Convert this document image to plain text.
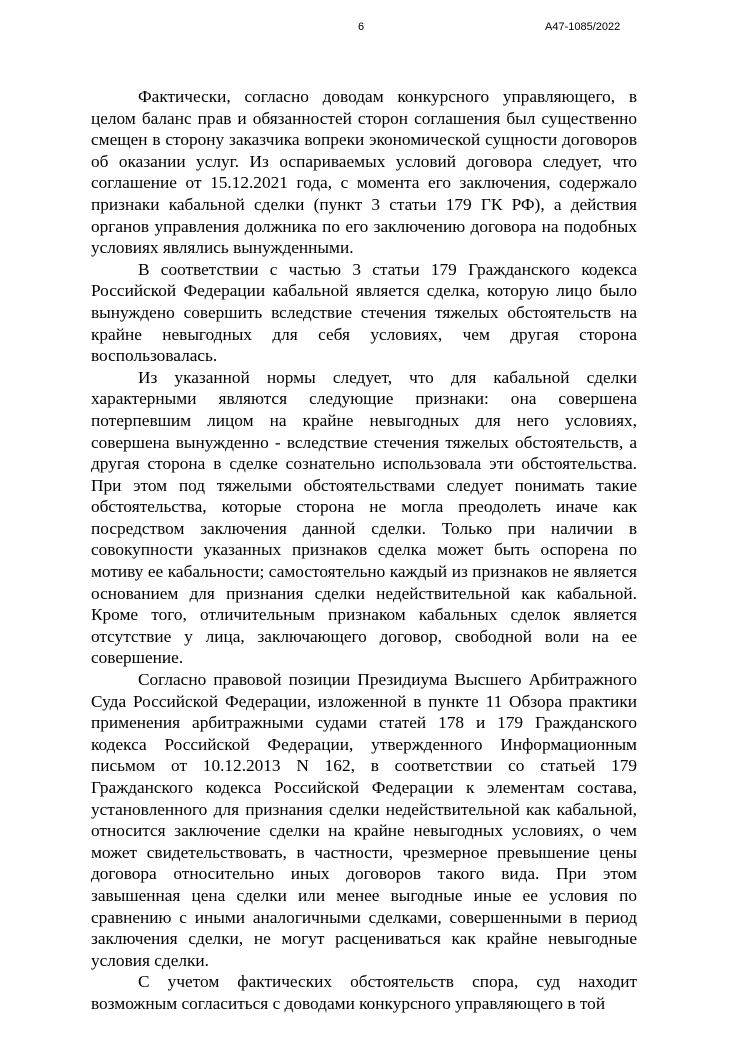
6	А47-1085/2022

Фактически, согласно доводам конкурсного управляющего, в целом баланс прав и обязанностей сторон соглашения был существенно смещен в сторону заказчика вопреки экономической сущности договоров об оказании услуг. Из оспариваемых условий договора следует, что соглашение от 15.12.2021 года, с момента его заключения, содержало признаки кабальной сделки (пункт 3 статьи 179 ГК РФ), а действия органов управления должника по его заключению договора на подобных условиях являлись вынужденными.

В соответствии с частью 3 статьи 179 Гражданского кодекса Российской Федерации кабальной является сделка, которую лицо было вынуждено совершить вследствие стечения тяжелых обстоятельств на крайне невыгодных для себя условиях, чем другая сторона воспользовалась.

Из указанной нормы следует, что для кабальной сделки характерными являются следующие признаки: она совершена потерпевшим лицом на крайне невыгодных для него условиях, совершена вынужденно - вследствие стечения тяжелых обстоятельств, а другая сторона в сделке сознательно использовала эти обстоятельства. При этом под тяжелыми обстоятельствами следует понимать такие обстоятельства, которые сторона не могла преодолеть иначе как посредством заключения данной сделки. Только при наличии в совокупности указанных признаков сделка может быть оспорена по мотиву ее кабальности; самостоятельно каждый из признаков не является основанием для признания сделки недействительной как кабальной. Кроме того, отличительным признаком кабальных сделок является отсутствие у лица, заключающего договор, свободной воли на ее совершение.

Согласно правовой позиции Президиума Высшего Арбитражного Суда Российской Федерации, изложенной в пункте 11 Обзора практики применения арбитражными судами статей 178 и 179 Гражданского кодекса Российской Федерации, утвержденного Информационным письмом от 10.12.2013 N 162, в соответствии со статьей 179 Гражданского кодекса Российской Федерации к элементам состава, установленного для признания сделки недействительной как кабальной, относится заключение сделки на крайне невыгодных условиях, о чем может свидетельствовать, в частности, чрезмерное превышение цены договора относительно иных договоров такого вида. При этом завышенная цена сделки или менее выгодные иные ее условия по сравнению с иными аналогичными сделками, совершенными в период заключения сделки, не могут расцениваться как крайне невыгодные условия сделки.

С учетом фактических обстоятельств спора, суд находит возможным согласиться с доводами конкурсного управляющего в той
